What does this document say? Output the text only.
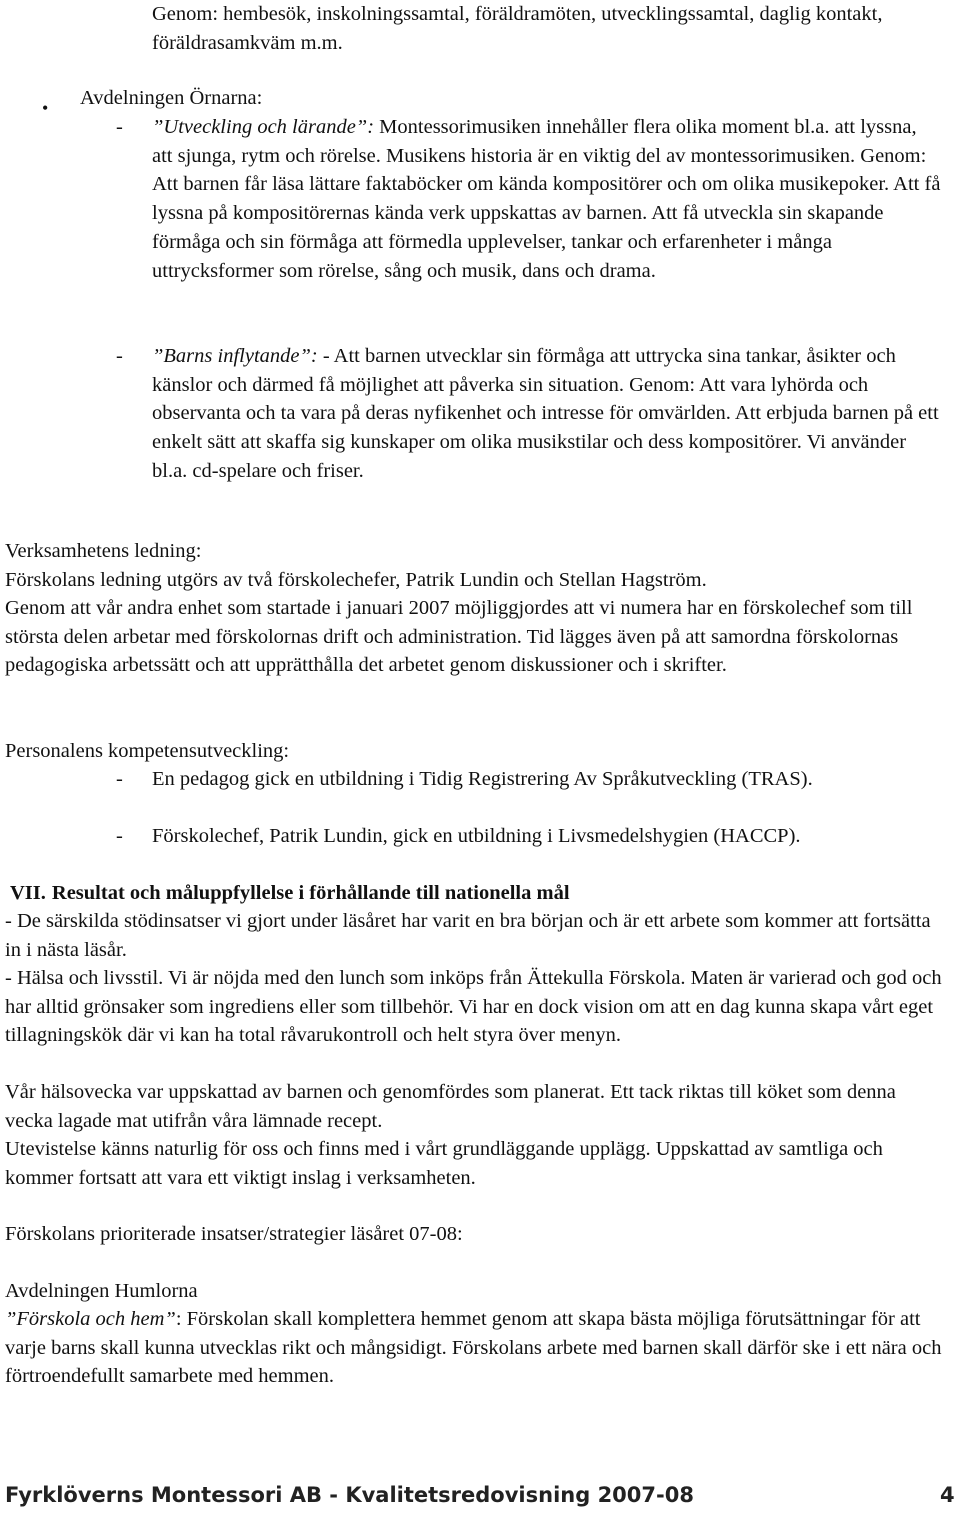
Genom: hembesök, inskolningssamtal, föräldramöten, utvecklingssamtal, daglig kontakt, föräldrasamkväm m.m.

• Avdelningen Örnarna:

- ”Utveckling och lärande”: Montessorimusiken innehåller flera olika moment bl.a. att lyssna, att sjunga, rytm och rörelse. Musikens historia är en viktig del av montessorimusiken. Genom: Att barnen får läsa lättare faktaböcker om kända kompositörer och om olika musikepoker. Att få lyssna på kompositörernas kända verk uppskattas av barnen. Att få utveckla sin skapande förmåga och sin förmåga att förmedla upplevelser, tankar och erfarenheter i många uttrycksformer som rörelse, sång och musik, dans och drama.

- ”Barns inflytande”: - Att barnen utvecklar sin förmåga att uttrycka sina tankar, åsikter och känslor och därmed få möjlighet att påverka sin situation. Genom: Att vara lyhörda och observanta och ta vara på deras nyfikenhet och intresse för omvärlden. Att erbjuda barnen på ett enkelt sätt att skaffa sig kunskaper om olika musikstilar och dess kompositörer. Vi använder bl.a. cd-spelare och friser.

Verksamhetens ledning:

Förskolans ledning utgörs av två förskolechefer, Patrik Lundin och Stellan Hagström.

Genom att vår andra enhet som startade i januari 2007 möjliggjordes att vi numera har en förskolechef som till största delen arbetar med förskolornas drift och administration. Tid lägges även på att samordna förskolornas pedagogiska arbetssätt och att upprätthålla det arbetet genom diskussioner och i skrifter.

Personalens kompetensutveckling:

- En pedagog gick en utbildning i Tidig Registrering Av Språkutveckling (TRAS).

- Förskolechef, Patrik Lundin, gick en utbildning i Livsmedelshygien (HACCP).

VII. Resultat och måluppfyllelse i förhållande till nationella mål

- De särskilda stödinsatser vi gjort under läsåret har varit en bra början och är ett arbete som kommer att fortsätta in i nästa läsår.

- Hälsa och livsstil. Vi är nöjda med den lunch som inköps från Ättekulla Förskola. Maten är varierad och god och har alltid grönsaker som ingrediens eller som tillbehör. Vi har en dock vision om att en dag kunna skapa vårt eget tillagningskök där vi kan ha total råvarukontroll och helt styra över menyn.

Vår hälsovecka var uppskattad av barnen och genomfördes som planerat. Ett tack riktas till köket som denna vecka lagade mat utifrån våra lämnade recept.

Utevistelse känns naturlig för oss och finns med i vårt grundläggande upplägg. Uppskattad av samtliga och kommer fortsatt att vara ett viktigt inslag i verksamheten.

Förskolans prioriterade insatser/strategier läsåret 07-08:

Avdelningen Humlorna

”Förskola och hem”: Förskolan skall komplettera hemmet genom att skapa bästa möjliga förutsättningar för att varje barns skall kunna utvecklas rikt och mångsidigt. Förskolans arbete med barnen skall därför ske i ett nära och förtroendefullt samarbete med hemmen.

Fyrklöverns Montessori AB - Kvalitetsredovisning 2007-08	4
